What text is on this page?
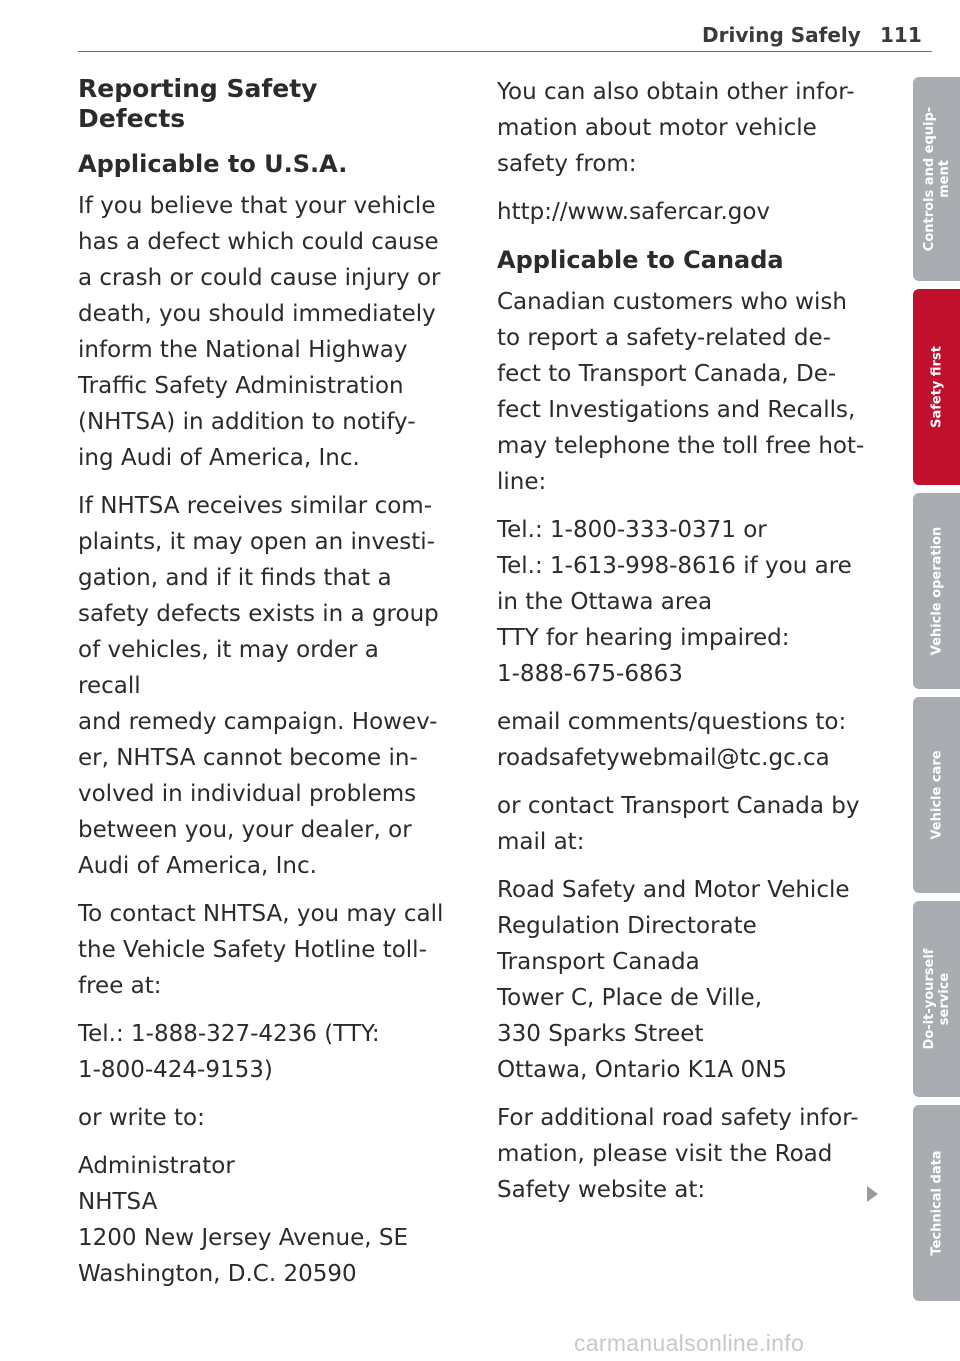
Driving Safely 111
Reporting Safety
Defects
Applicable to U.S.A.
If you believe that your vehicle
has a defect which could cause
a crash or could cause injury or
death, you should immediately
inform the National Highway
Traffic Safety Administration
(NHTSA) in addition to notify-
ing Audi of America, Inc.
If NHTSA receives similar com-
plaints, it may open an investi-
gation, and if it finds that a
safety defects exists in a group
of vehicles, it may order a recall
and remedy campaign. Howev-
er, NHTSA cannot become in-
volved in individual problems
between you, your dealer, or
Audi of America, Inc.
To contact NHTSA, you may call
the Vehicle Safety Hotline toll-
free at:
Tel.: 1-888-327-4236 (TTY:
1-800-424-9153)
or write to:
Administrator
NHTSA
1200 New Jersey Avenue, SE
Washington, D.C. 20590
You can also obtain other infor-
mation about motor vehicle
safety from:
http://www.safercar.gov
Applicable to Canada
Canadian customers who wish
to report a safety-related de-
fect to Transport Canada, De-
fect Investigations and Recalls,
may telephone the toll free hot-
line:
Tel.: 1-800-333-0371 or
Tel.: 1-613-998-8616 if you are
in the Ottawa area
TTY for hearing impaired:
1-888-675-6863
email comments/questions to:
roadsafetywebmail@tc.gc.ca
or contact Transport Canada by
mail at:
Road Safety and Motor Vehicle
Regulation Directorate
Transport Canada
Tower C, Place de Ville,
330 Sparks Street
Ottawa, Ontario K1A 0N5
For additional road safety infor-
mation, please visit the Road
Safety website at:
Controls and equip-
ment
Safety first
Vehicle operation
Vehicle care
Do-it-yourself
service
Technical data
carmanualsonline.info
